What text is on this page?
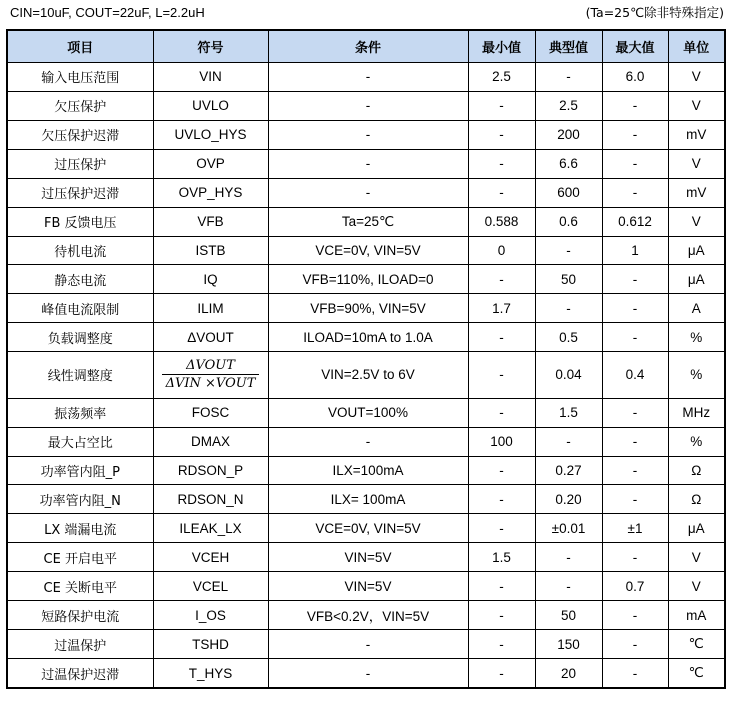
CIN=10uF, COUT=22uF, L=2.2uH	(Ta=25℃除非特殊指定)
项目	符号	条件	最小值	典型值	最大值	单位
输入电压范围	VIN	-	2.5	-	6.0	V
欠压保护	UVLO	-	-	2.5	-	V
欠压保护迟滞	UVLO_HYS	-	-	200	-	mV
过压保护	OVP	-	-	6.6	-	V
过压保护迟滞	OVP_HYS	-	-	600	-	mV
FB 反馈电压	VFB	Ta=25℃	0.588	0.6	0.612	V
待机电流	ISTB	VCE=0V, VIN=5V	0	-	1	μA
静态电流	IQ	VFB=110%, ILOAD=0	-	50	-	μA
峰值电流限制	ILIM	VFB=90%, VIN=5V	1.7	-	-	A
负载调整度	ΔVOUT	ILOAD=10mA to 1.0A	-	0.5	-	%
线性调整度	$\frac{\text{ΔVOUT}}{\text{ΔVIN ×VOUT}}$	VIN=2.5V to 6V	-	0.04	0.4	%
振荡频率	FOSC	VOUT=100%	-	1.5	-	MHz
最大占空比	DMAX	-	100	-	-	%
功率管内阻_P	RDSON_P	ILX=100mA	-	0.27	-	Ω
功率管内阻_N	RDSON_N	ILX= 100mA	-	0.20	-	Ω
LX 端漏电流	ILEAK_LX	VCE=0V, VIN=5V	-	±0.01	±1	μA
CE 开启电平	VCEH	VIN=5V	1.5	-	-	V
CE 关断电平	VCEL	VIN=5V	-	-	0.7	V
短路保护电流	I_OS	VFB<0.2V，VIN=5V	-	50	-	mA
过温保护	TSHD	-	-	150	-	℃
过温保护迟滞	T_HYS	-	-	20	-	℃
